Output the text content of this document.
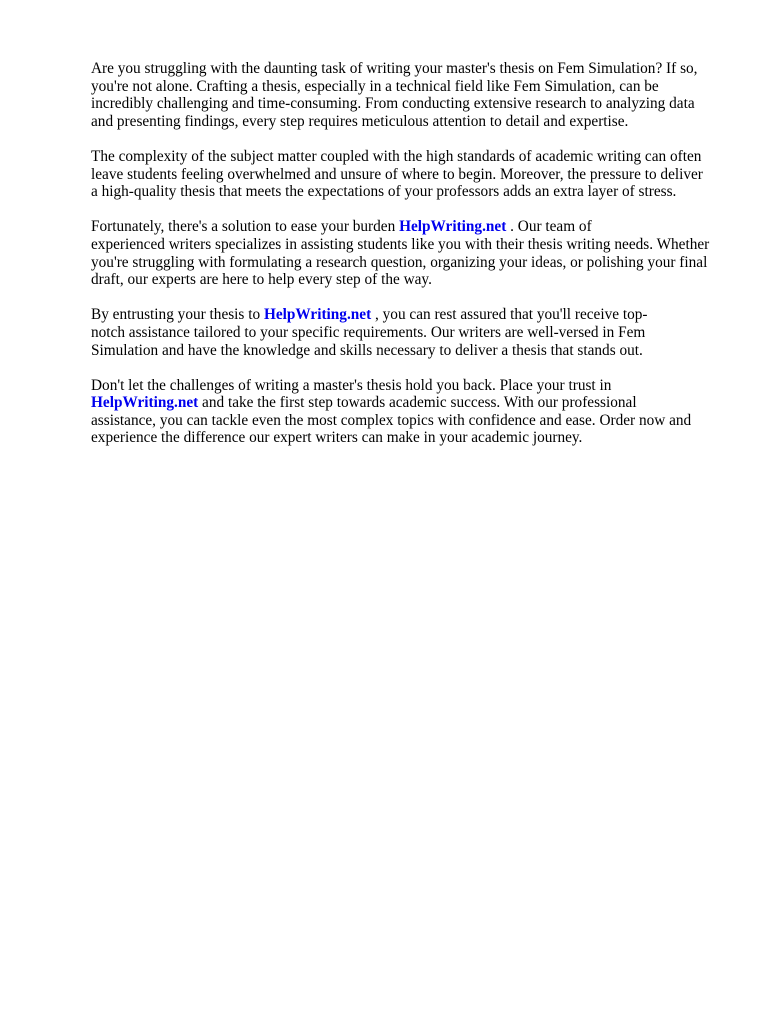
Are you struggling with the daunting task of writing your master's thesis on Fem Simulation? If so,
you're not alone. Crafting a thesis, especially in a technical field like Fem Simulation, can be
incredibly challenging and time-consuming. From conducting extensive research to analyzing data
and presenting findings, every step requires meticulous attention to detail and expertise.

The complexity of the subject matter coupled with the high standards of academic writing can often
leave students feeling overwhelmed and unsure of where to begin. Moreover, the pressure to deliver
a high-quality thesis that meets the expectations of your professors adds an extra layer of stress.

Fortunately, there's a solution to ease your burden HelpWriting.net . Our team of
experienced writers specializes in assisting students like you with their thesis writing needs. Whether
you're struggling with formulating a research question, organizing your ideas, or polishing your final
draft, our experts are here to help every step of the way.

By entrusting your thesis to HelpWriting.net , you can rest assured that you'll receive top-
notch assistance tailored to your specific requirements. Our writers are well-versed in Fem
Simulation and have the knowledge and skills necessary to deliver a thesis that stands out.

Don't let the challenges of writing a master's thesis hold you back. Place your trust in
HelpWriting.net and take the first step towards academic success. With our professional
assistance, you can tackle even the most complex topics with confidence and ease. Order now and
experience the difference our expert writers can make in your academic journey.
